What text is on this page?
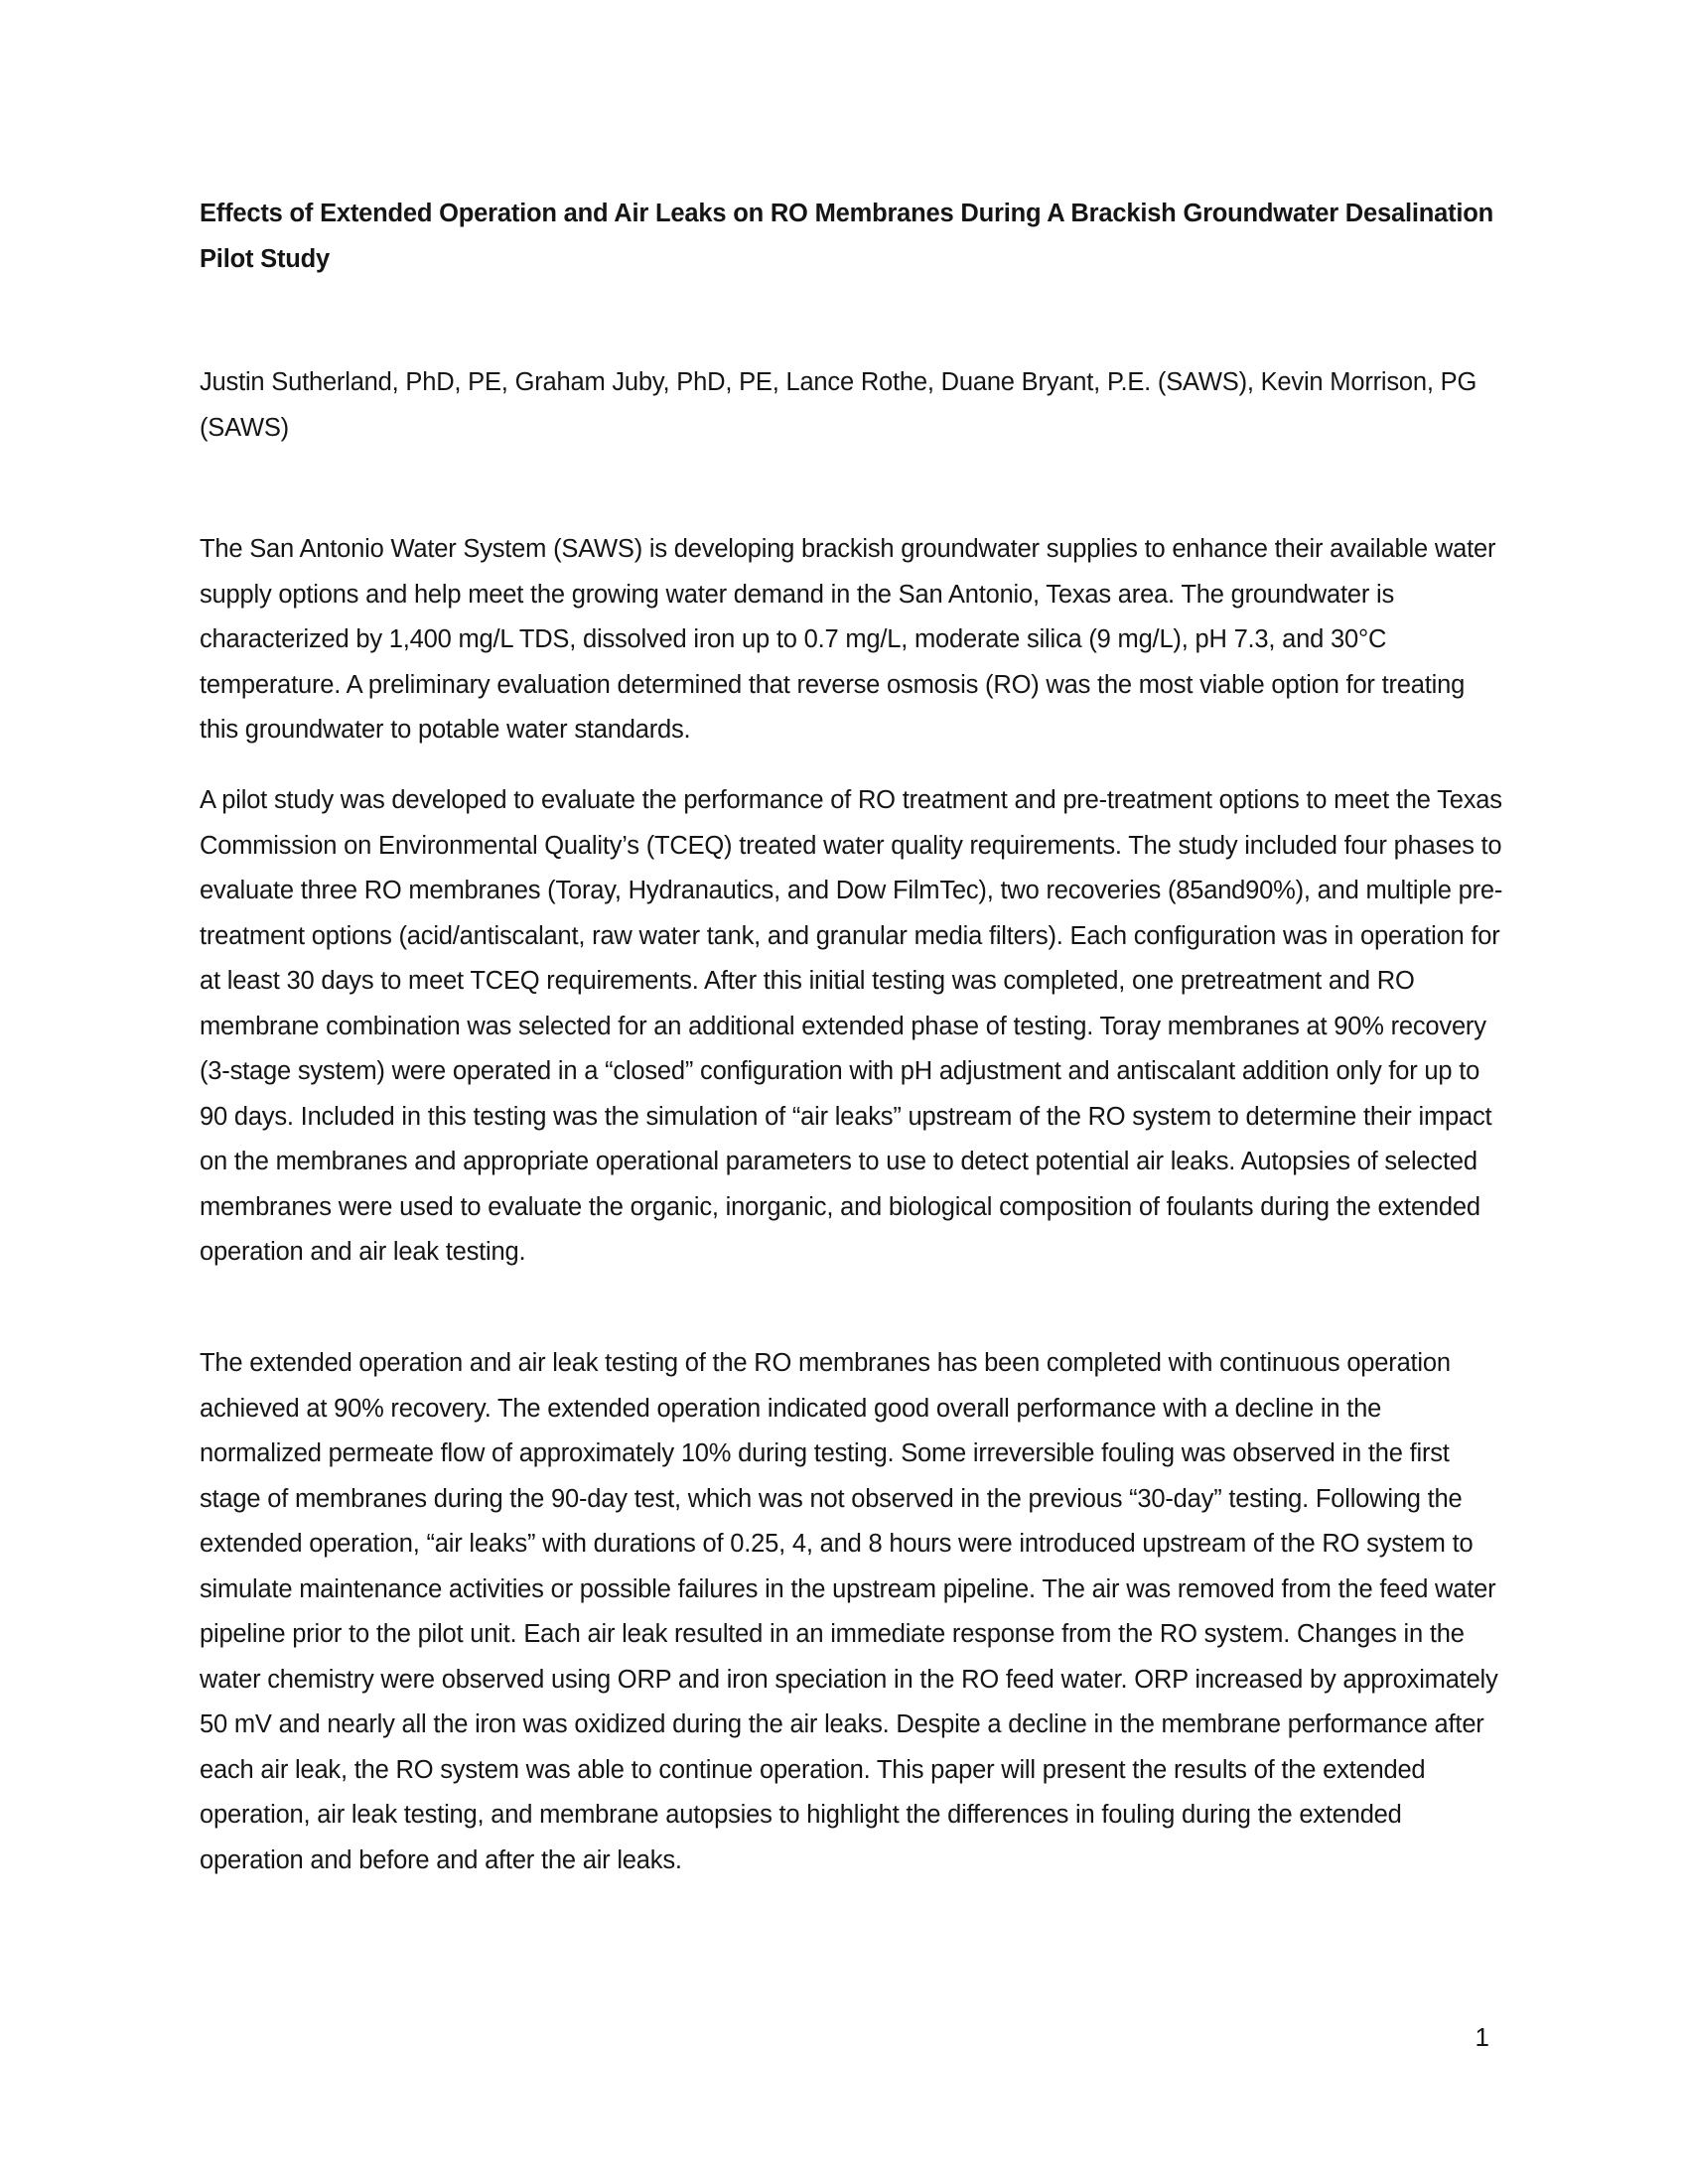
Effects of Extended Operation and Air Leaks on RO Membranes During A Brackish Groundwater Desalination Pilot Study

Justin Sutherland, PhD, PE, Graham Juby, PhD, PE, Lance Rothe, Duane Bryant, P.E. (SAWS), Kevin Morrison, PG (SAWS)

The San Antonio Water System (SAWS) is developing brackish groundwater supplies to enhance their available water supply options and help meet the growing water demand in the San Antonio, Texas area. The groundwater is characterized by 1,400 mg/L TDS, dissolved iron up to 0.7 mg/L, moderate silica (9 mg/L), pH 7.3, and 30°C temperature. A preliminary evaluation determined that reverse osmosis (RO) was the most viable option for treating this groundwater to potable water standards.

A pilot study was developed to evaluate the performance of RO treatment and pre-treatment options to meet the Texas Commission on Environmental Quality’s (TCEQ) treated water quality requirements. The study included four phases to evaluate three RO membranes (Toray, Hydranautics, and Dow FilmTec), two recoveries (85and90%), and multiple pre-treatment options (acid/antiscalant, raw water tank, and granular media filters). Each configuration was in operation for at least 30 days to meet TCEQ requirements. After this initial testing was completed, one pretreatment and RO membrane combination was selected for an additional extended phase of testing. Toray membranes at 90% recovery (3-stage system) were operated in a “closed” configuration with pH adjustment and antiscalant addition only for up to 90 days. Included in this testing was the simulation of “air leaks” upstream of the RO system to determine their impact on the membranes and appropriate operational parameters to use to detect potential air leaks. Autopsies of selected membranes were used to evaluate the organic, inorganic, and biological composition of foulants during the extended operation and air leak testing.

The extended operation and air leak testing of the RO membranes has been completed with continuous operation achieved at 90% recovery. The extended operation indicated good overall performance with a decline in the normalized permeate flow of approximately 10% during testing. Some irreversible fouling was observed in the first stage of membranes during the 90-day test, which was not observed in the previous “30-day” testing. Following the extended operation, “air leaks” with durations of 0.25, 4, and 8 hours were introduced upstream of the RO system to simulate maintenance activities or possible failures in the upstream pipeline. The air was removed from the feed water pipeline prior to the pilot unit. Each air leak resulted in an immediate response from the RO system. Changes in the water chemistry were observed using ORP and iron speciation in the RO feed water. ORP increased by approximately 50 mV and nearly all the iron was oxidized during the air leaks. Despite a decline in the membrane performance after each air leak, the RO system was able to continue operation. This paper will present the results of the extended operation, air leak testing, and membrane autopsies to highlight the differences in fouling during the extended operation and before and after the air leaks.

1
